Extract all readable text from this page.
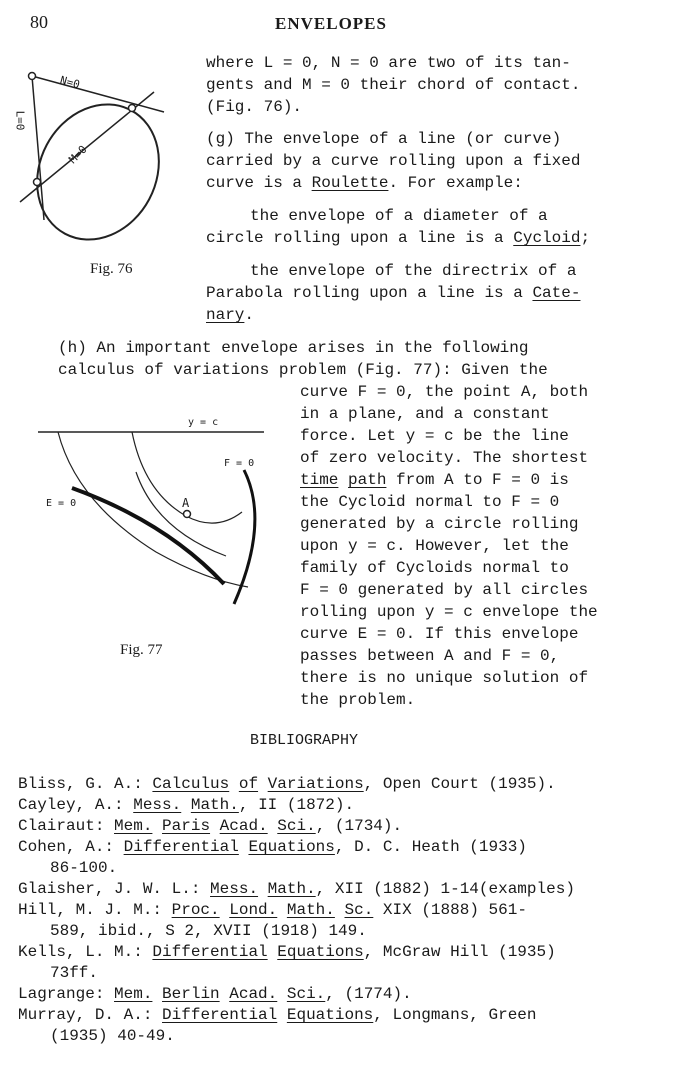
80	ENVELOPES
N=0
L=0
M=0
Fig. 76
where L = 0, N = 0 are two of its tan-
gents and M = 0 their chord of contact.
(Fig. 76).
(g) The envelope of a line (or curve)
carried by a curve rolling upon a fixed
curve is a Roulette. For example:
the envelope of a diameter of a
circle rolling upon a line is a Cycloid;
the envelope of the directrix of a
Parabola rolling upon a line is a Cate-
nary.
(h) An important envelope arises in the following
calculus of variations problem (Fig. 77): Given the
curve F = 0, the point A, both
in a plane, and a constant
force. Let y = c be the line
of zero velocity. The shortest
time path from A to F = 0 is
the Cycloid normal to F = 0
generated by a circle rolling
upon y = c. However, let the
family of Cycloids normal to
F = 0 generated by all circles
rolling upon y = c envelope the
curve E = 0. If this envelope
passes between A and F = 0,
there is no unique solution of
the problem.
y = c
F = 0
E = 0	A
Fig. 77
BIBLIOGRAPHY
Bliss, G. A.: Calculus of Variations, Open Court (1935).
Cayley, A.: Mess. Math., II (1872).
Clairaut: Mem. Paris Acad. Sci., (1734).
Cohen, A.: Differential Equations, D. C. Heath (1933)
86-100.
Glaisher, J. W. L.: Mess. Math., XII (1882) 1-14(examples)
Hill, M. J. M.: Proc. Lond. Math. Sc. XIX (1888) 561-
589, ibid., S 2, XVII (1918) 149.
Kells, L. M.: Differential Equations, McGraw Hill (1935)
73ff.
Lagrange: Mem. Berlin Acad. Sci., (1774).
Murray, D. A.: Differential Equations, Longmans, Green
(1935) 40-49.
